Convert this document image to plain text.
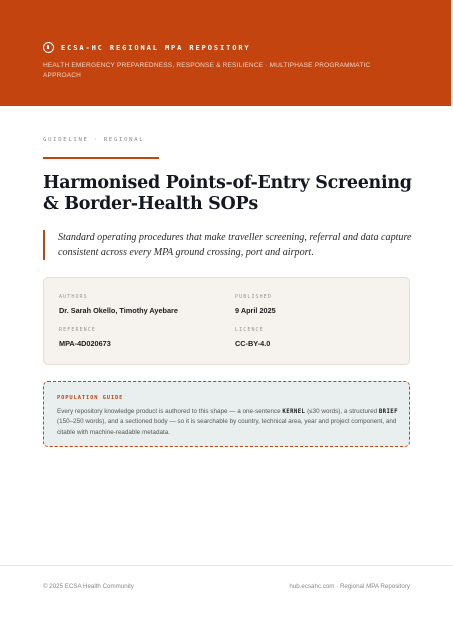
ECSA-HC REGIONAL MPA REPOSITORY
HEALTH EMERGENCY PREPAREDNESS, RESPONSE & RESILIENCE · MULTIPHASE PROGRAMMATIC APPROACH
GUIDELINE · REGIONAL
Harmonised Points-of-Entry Screening & Border-Health SOPs

Standard operating procedures that make traveller screening, referral and data capture consistent across every MPA ground crossing, port and airport.

AUTHORS
Dr. Sarah Okello, Timothy Ayebare
PUBLISHED
9 April 2025
REFERENCE
MPA-4D020673
LICENCE
CC-BY-4.0
POPULATION GUIDE

Every repository knowledge product is authored to this shape — a one-sentence KERNEL (≤30 words), a structured BRIEF (150–250 words), and a sectioned body — so it is searchable by country, technical area, year and project component, and citable with machine-readable metadata.

© 2025 ECSA Health Community	hub.ecsahc.com · Regional MPA Repository
